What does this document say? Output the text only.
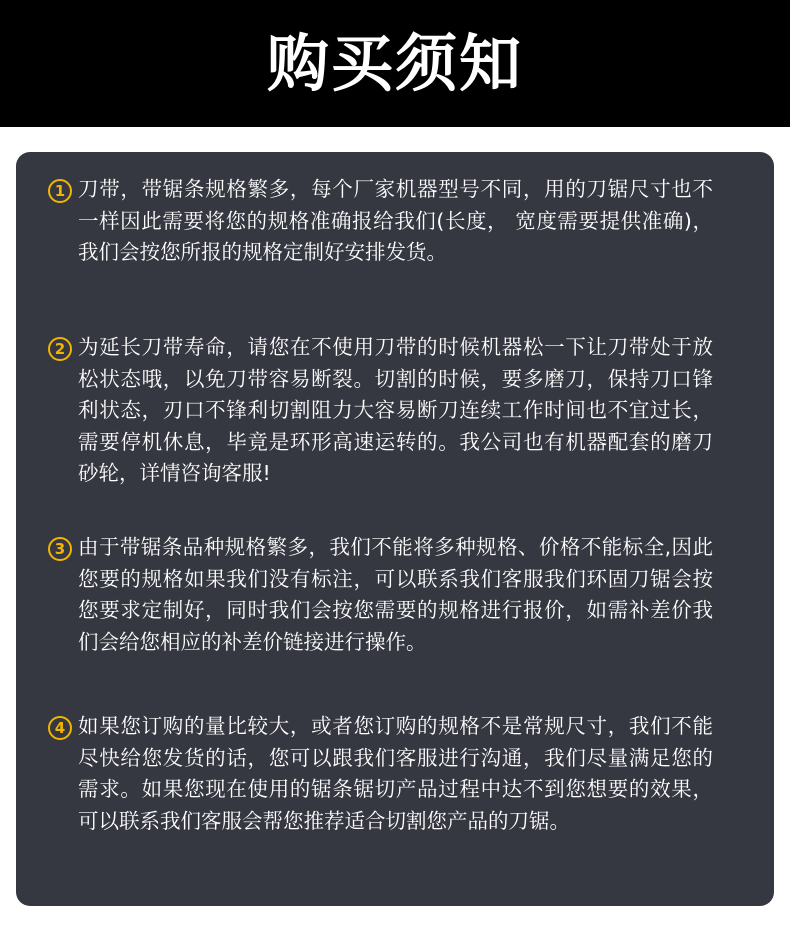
购买须知
1 刀带，带锯条规格繁多，每个厂家机器型号不同，用的刀锯尺寸也不一样因此需要将您的规格准确报给我们(长度， 宽度需要提供准确)，我们会按您所报的规格定制好安排发货。
2 为延长刀带寿命，请您在不使用刀带的时候机器松一下让刀带处于放松状态哦，以免刀带容易断裂。切割的时候，要多磨刀，保持刀口锋利状态，刃口不锋利切割阻力大容易断刀连续工作时间也不宜过长，需要停机休息，毕竟是环形高速运转的。我公司也有机器配套的磨刀砂轮，详情咨询客服!
3 由于带锯条品种规格繁多，我们不能将多种规格、价格不能标全,因此您要的规格如果我们没有标注，可以联系我们客服我们环固刀锯会按您要求定制好，同时我们会按您需要的规格进行报价，如需补差价我们会给您相应的补差价链接进行操作。
4 如果您订购的量比较大，或者您订购的规格不是常规尺寸，我们不能尽快给您发货的话，您可以跟我们客服进行沟通，我们尽量满足您的需求。如果您现在使用的锯条锯切产品过程中达不到您想要的效果，可以联系我们客服会帮您推荐适合切割您产品的刀锯。
